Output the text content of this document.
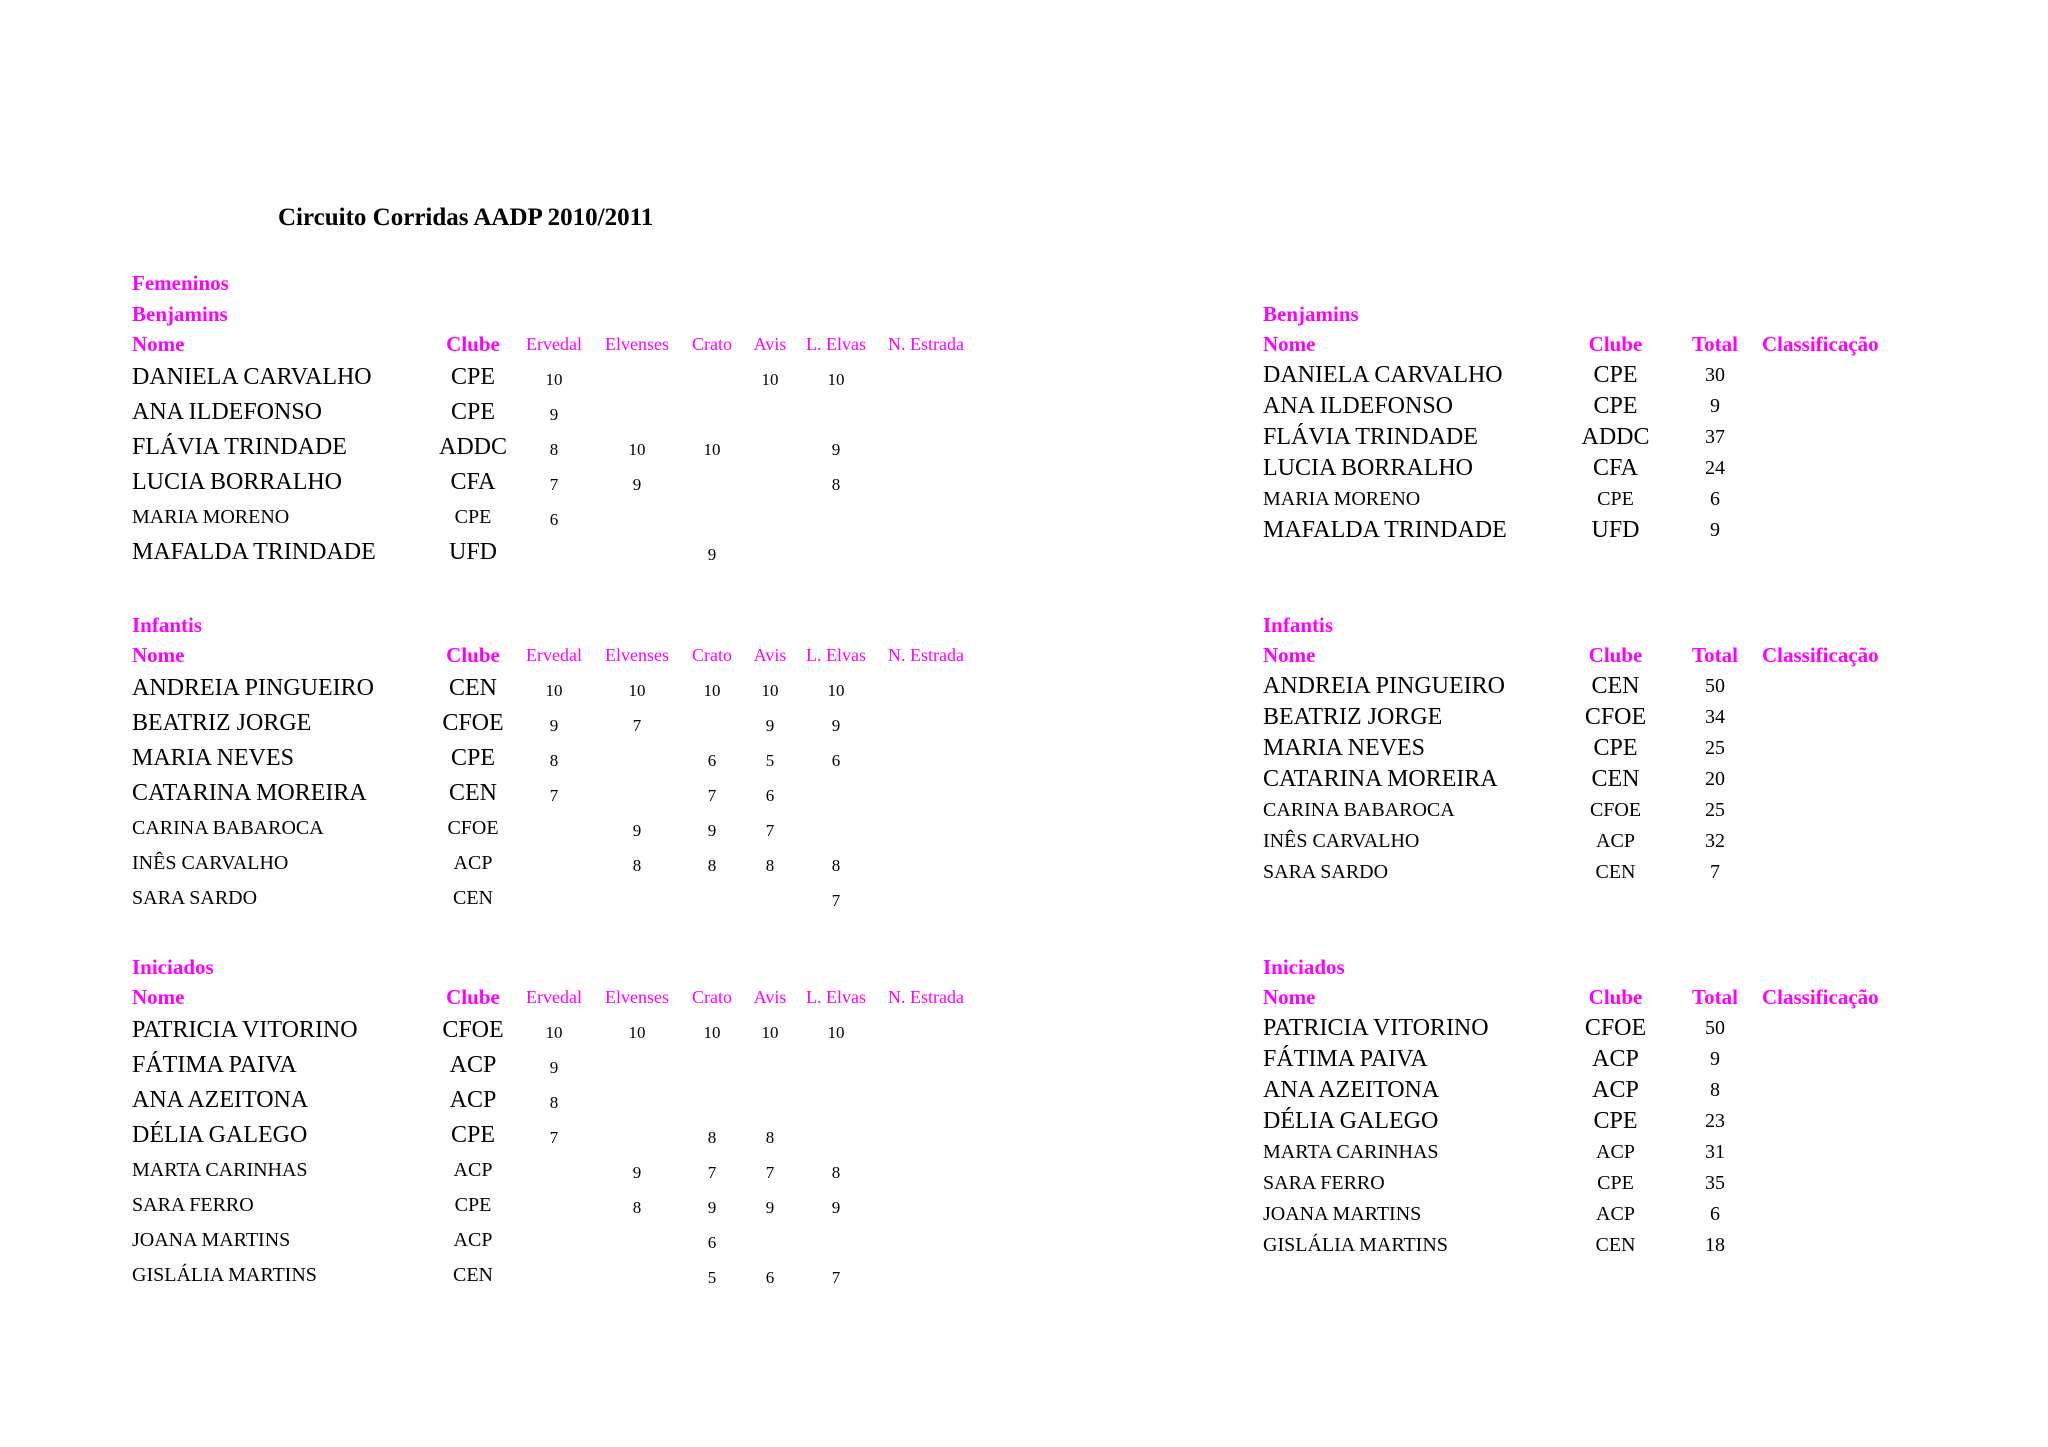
Circuito Corridas AADP 2010/2011
Femeninos
Benjamins
Nome	Clube	Ervedal	Elvenses	Crato	Avis	L. Elvas	N. Estrada
DANIELA CARVALHO	CPE	10			10	10	
ANA ILDEFONSO	CPE	9					
FLÁVIA TRINDADE	ADDC	8	10	10		9	
LUCIA BORRALHO	CFA	7	9			8	
MARIA MORENO	CPE	6					
MAFALDA TRINDADE	UFD			9			
Benjamins
Nome	Clube	Total	Classificação
DANIELA CARVALHO	CPE	30	
ANA ILDEFONSO	CPE	9	
FLÁVIA TRINDADE	ADDC	37	
LUCIA BORRALHO	CFA	24	
MARIA MORENO	CPE	6	
MAFALDA TRINDADE	UFD	9	
Infantis
Nome	Clube	Ervedal	Elvenses	Crato	Avis	L. Elvas	N. Estrada
ANDREIA PINGUEIRO	CEN	10	10	10	10	10	
BEATRIZ JORGE	CFOE	9	7		9	9	
MARIA NEVES	CPE	8		6	5	6	
CATARINA MOREIRA	CEN	7		7	6		
CARINA BABAROCA	CFOE		9	9	7		
INÊS CARVALHO	ACP		8	8	8	8	
SARA SARDO	CEN					7	
Infantis
Nome	Clube	Total	Classificação
ANDREIA PINGUEIRO	CEN	50	
BEATRIZ JORGE	CFOE	34	
MARIA NEVES	CPE	25	
CATARINA MOREIRA	CEN	20	
CARINA BABAROCA	CFOE	25	
INÊS CARVALHO	ACP	32	
SARA SARDO	CEN	7	
Iniciados
Nome	Clube	Ervedal	Elvenses	Crato	Avis	L. Elvas	N. Estrada
PATRICIA VITORINO	CFOE	10	10	10	10	10	
FÁTIMA PAIVA	ACP	9					
ANA AZEITONA	ACP	8					
DÉLIA GALEGO	CPE	7		8	8		
MARTA CARINHAS	ACP		9	7	7	8	
SARA FERRO	CPE		8	9	9	9	
JOANA MARTINS	ACP			6			
GISLÁLIA MARTINS	CEN			5	6	7	
Iniciados
Nome	Clube	Total	Classificação
PATRICIA VITORINO	CFOE	50	
FÁTIMA PAIVA	ACP	9	
ANA AZEITONA	ACP	8	
DÉLIA GALEGO	CPE	23	
MARTA CARINHAS	ACP	31	
SARA FERRO	CPE	35	
JOANA MARTINS	ACP	6	
GISLÁLIA MARTINS	CEN	18	
